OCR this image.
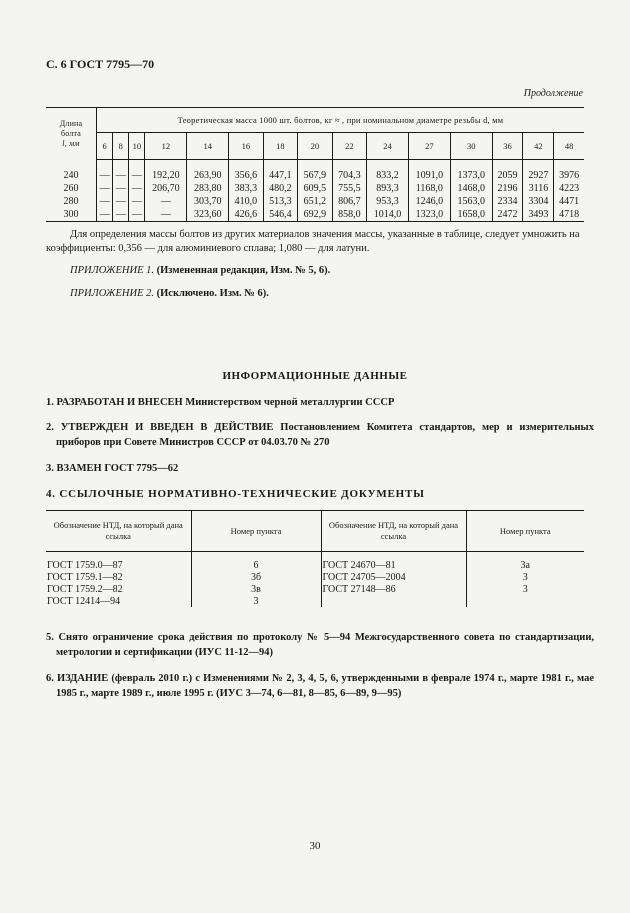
С. 6 ГОСТ 7795—70
Продолжение
Длина
болта
l, мм	Теоретическая масса 1000 шт. болтов, кг ≈ , при номинальном диаметре резьбы d, мм														
	6	8	10	12	14	16	18	20	22	24	27	30	36	42	48
240	—	—	—	192,20	263,90	356,6	447,1	567,9	704,3	833,2	1091,0	1373,0	2059	2927	3976
260	—	—	—	206,70	283,80	383,3	480,2	609,5	755,5	893,3	1168,0	1468,0	2196	3116	4223
280	—	—	—	—	303,70	410,0	513,3	651,2	806,7	953,3	1246,0	1563,0	2334	3304	4471
300	—	—	—	—	323,60	426,6	546,4	692,9	858,0	1014,0	1323,0	1658,0	2472	3493	4718
Для определения массы болтов из других материалов значения массы, указанные в таблице, следует умножить на коэффициенты: 0,356 — для алюминиевого сплава; 1,080 — для латуни.
ПРИЛОЖЕНИЕ 1. (Измененная редакция, Изм. № 5, 6).
ПРИЛОЖЕНИЕ 2. (Исключено. Изм. № 6).
ИНФОРМАЦИОННЫЕ ДАННЫЕ
1. РАЗРАБОТАН И ВНЕСЕН Министерством черной металлургии СССР
2. УТВЕРЖДЕН И ВВЕДЕН В ДЕЙСТВИЕ Постановлением Комитета стандартов, мер и измерительных приборов при Совете Министров СССР от 04.03.70 № 270
3. ВЗАМЕН ГОСТ 7795—62
4. ССЫЛОЧНЫЕ НОРМАТИВНО-ТЕХНИЧЕСКИЕ ДОКУМЕНТЫ
Обозначение НТД, на который дана ссылка	Номер пункта	Обозначение НТД, на который дана ссылка	Номер пункта
ГОСТ 1759.0—87	6	ГОСТ 24670—81	3а
ГОСТ 1759.1—82	3б	ГОСТ 24705—2004	3
ГОСТ 1759.2—82	3в	ГОСТ 27148—86	3
ГОСТ 12414—94	3		
5. Снято ограничение срока действия по протоколу № 5—94 Межгосударственного совета по стандартизации, метрологии и сертификации (ИУС 11-12—94)
6. ИЗДАНИЕ (февраль 2010 г.) с Изменениями № 2, 3, 4, 5, 6, утвержденными в феврале 1974 г., марте 1981 г., мае 1985 г., марте 1989 г., июле 1995 г. (ИУС 3—74, 6—81, 8—85, 6—89, 9—95)
30
